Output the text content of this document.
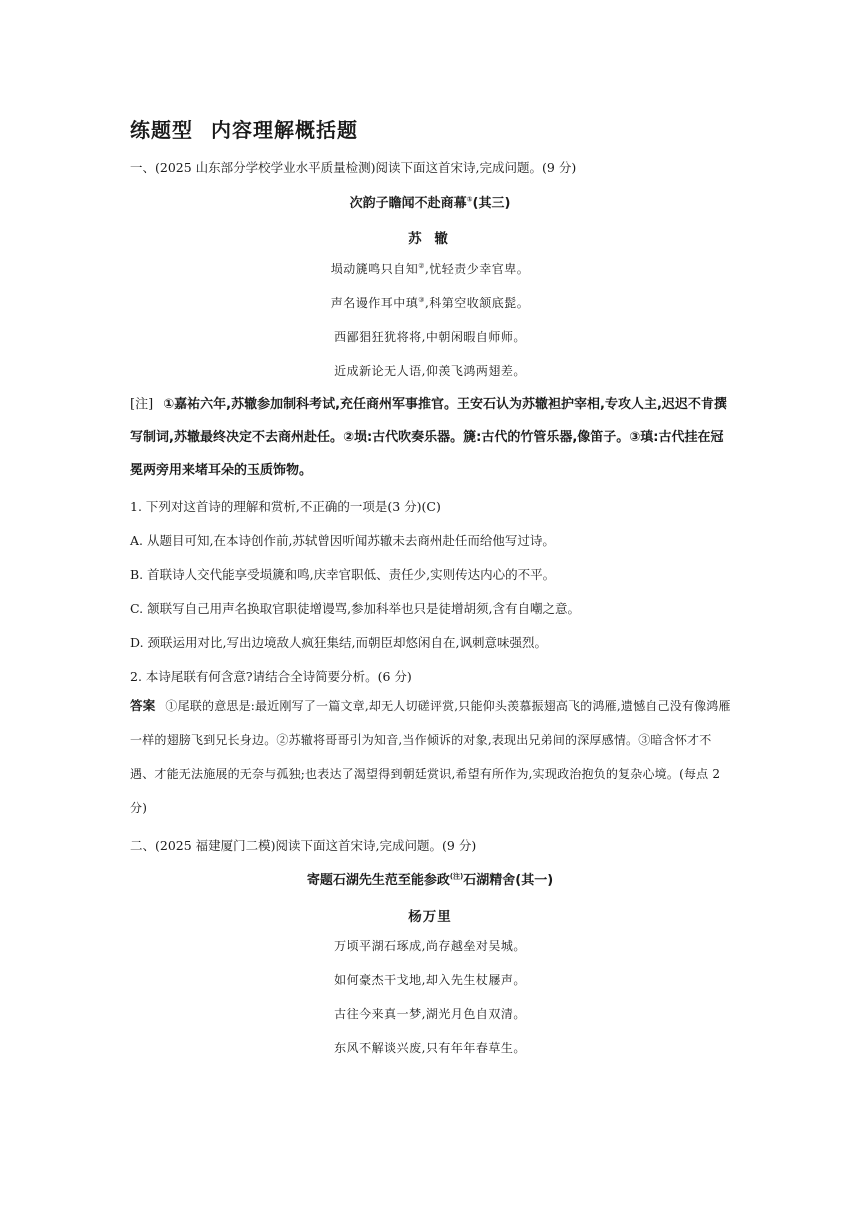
练题型 内容理解概括题
一、(2025 山东部分学校学业水平质量检测)阅读下面这首宋诗,完成问题。(9 分)
次韵子瞻闻不赴商幕①(其三)
苏 辙
埙动篪鸣只自知②,忧轻责少幸官卑。
声名谩作耳中瑱③,科第空收颔底髭。
西鄙猖狂犹将将,中朝闲暇自师师。
近成新论无人语,仰羡飞鸿两翅差。
[注] ①嘉祐六年,苏辙参加制科考试,充任商州军事推官。王安石认为苏辙袒护宰相,专攻人主,迟迟不肯撰写制词,苏辙最终决定不去商州赴任。②埙:古代吹奏乐器。篪:古代的竹管乐器,像笛子。③瑱:古代挂在冠冕两旁用来堵耳朵的玉质饰物。
1. 下列对这首诗的理解和赏析,不正确的一项是(3 分)(C)
A. 从题目可知,在本诗创作前,苏轼曾因听闻苏辙未去商州赴任而给他写过诗。
B. 首联诗人交代能享受埙篪和鸣,庆幸官职低、责任少,实则传达内心的不平。
C. 颔联写自己用声名换取官职徒增谩骂,参加科举也只是徒增胡须,含有自嘲之意。
D. 颈联运用对比,写出边境敌人疯狂集结,而朝臣却悠闲自在,讽刺意味强烈。
2. 本诗尾联有何含意?请结合全诗简要分析。(6 分)
答案 ①尾联的意思是:最近刚写了一篇文章,却无人切磋评赏,只能仰头羡慕振翅高飞的鸿雁,遗憾自己没有像鸿雁一样的翅膀飞到兄长身边。②苏辙将哥哥引为知音,当作倾诉的对象,表现出兄弟间的深厚感情。③暗含怀才不遇、才能无法施展的无奈与孤独;也表达了渴望得到朝廷赏识,希望有所作为,实现政治抱负的复杂心境。(每点 2 分)
二、(2025 福建厦门二模)阅读下面这首宋诗,完成问题。(9 分)
寄题石湖先生范至能参政$^{(注)}$石湖精舍(其一)
杨万里
万顷平湖石琢成,尚存越垒对吴城。
如何豪杰干戈地,却入先生杖屦声。
古往今来真一梦,湖光月色自双清。
东风不解谈兴废,只有年年春草生。
